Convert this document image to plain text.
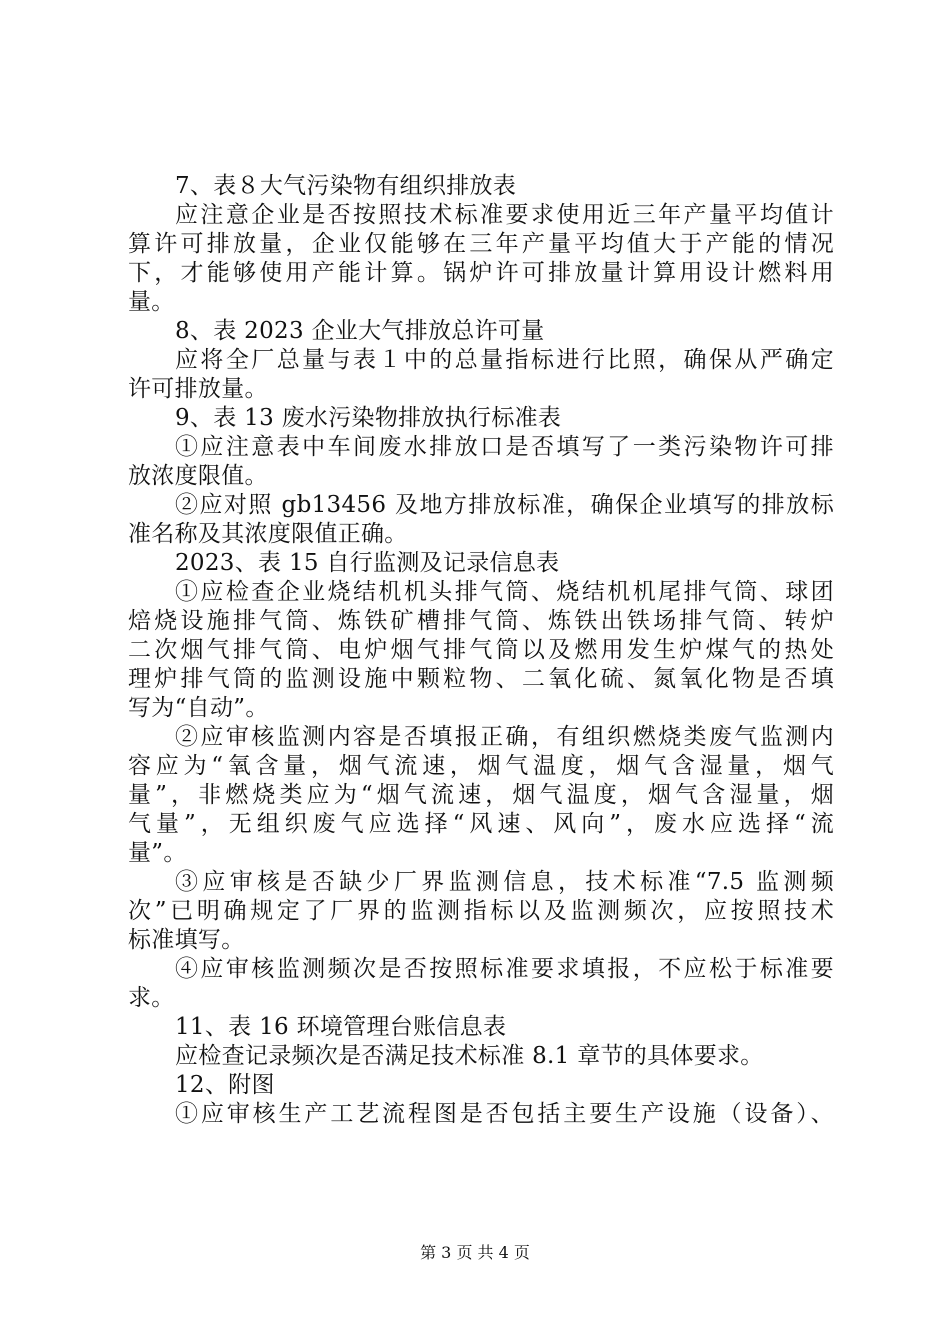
7、表８大气污染物有组织排放表
应注意企业是否按照技术标准要求使用近三年产量平均值计
算许可排放量，企业仅能够在三年产量平均值大于产能的情况
下，才能够使用产能计算。锅炉许可排放量计算用设计燃料用
量。
8、表 2023 企业大气排放总许可量
应将全厂总量与表１中的总量指标进行比照，确保从严确定
许可排放量。
9、表 13 废水污染物排放执行标准表
①应注意表中车间废水排放口是否填写了一类污染物许可排
放浓度限值。
②应对照 gb13456 及地方排放标准，确保企业填写的排放标
准名称及其浓度限值正确。
2023、表 15 自行监测及记录信息表
①应检查企业烧结机机头排气筒、烧结机机尾排气筒、球团
焙烧设施排气筒、炼铁矿槽排气筒、炼铁出铁场排气筒、转炉
二次烟气排气筒、电炉烟气排气筒以及燃用发生炉煤气的热处
理炉排气筒的监测设施中颗粒物、二氧化硫、氮氧化物是否填
写为“自动”。
②应审核监测内容是否填报正确，有组织燃烧类废气监测内
容应为“氧含量，烟气流速，烟气温度，烟气含湿量，烟气
量”，非燃烧类应为“烟气流速，烟气温度，烟气含湿量，烟
气量”，无组织废气应选择“风速、风向”，废水应选择“流
量”。
③应审核是否缺少厂界监测信息，技术标准“7.5 监测频
次”已明确规定了厂界的监测指标以及监测频次，应按照技术
标准填写。
④应审核监测频次是否按照标准要求填报，不应松于标准要
求。
11、表 16 环境管理台账信息表
应检查记录频次是否满足技术标准 8.1 章节的具体要求。
12、附图
①应审核生产工艺流程图是否包括主要生产设施（设备）、
第 3 页 共 4 页
